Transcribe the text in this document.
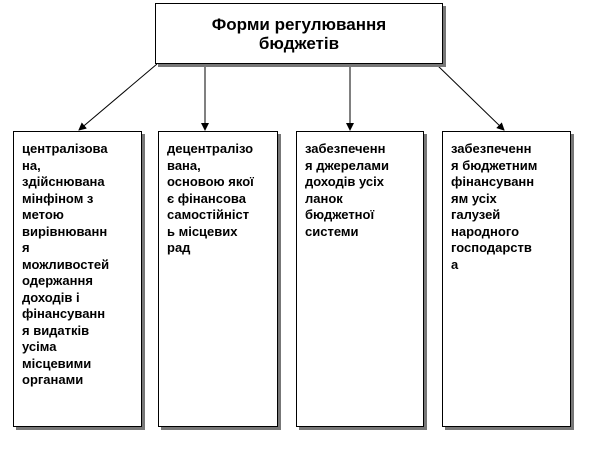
Форми регулювання
бюджетів
централізова
на,
здійснювана
мінфіном з
метою
вирівнюванн
я
можливостей
одержання
доходів і
фінансуванн
я видатків
усіма
місцевими
органами
децентралізо
вана,
основою якої
є фінансова
самостійніст
ь місцевих
рад
забезпеченн
я джерелами
доходів усіх
ланок
бюджетної
системи
забезпеченн
я бюджетним
фінансуванн
ям усіх
галузей
народного
господарств
а
